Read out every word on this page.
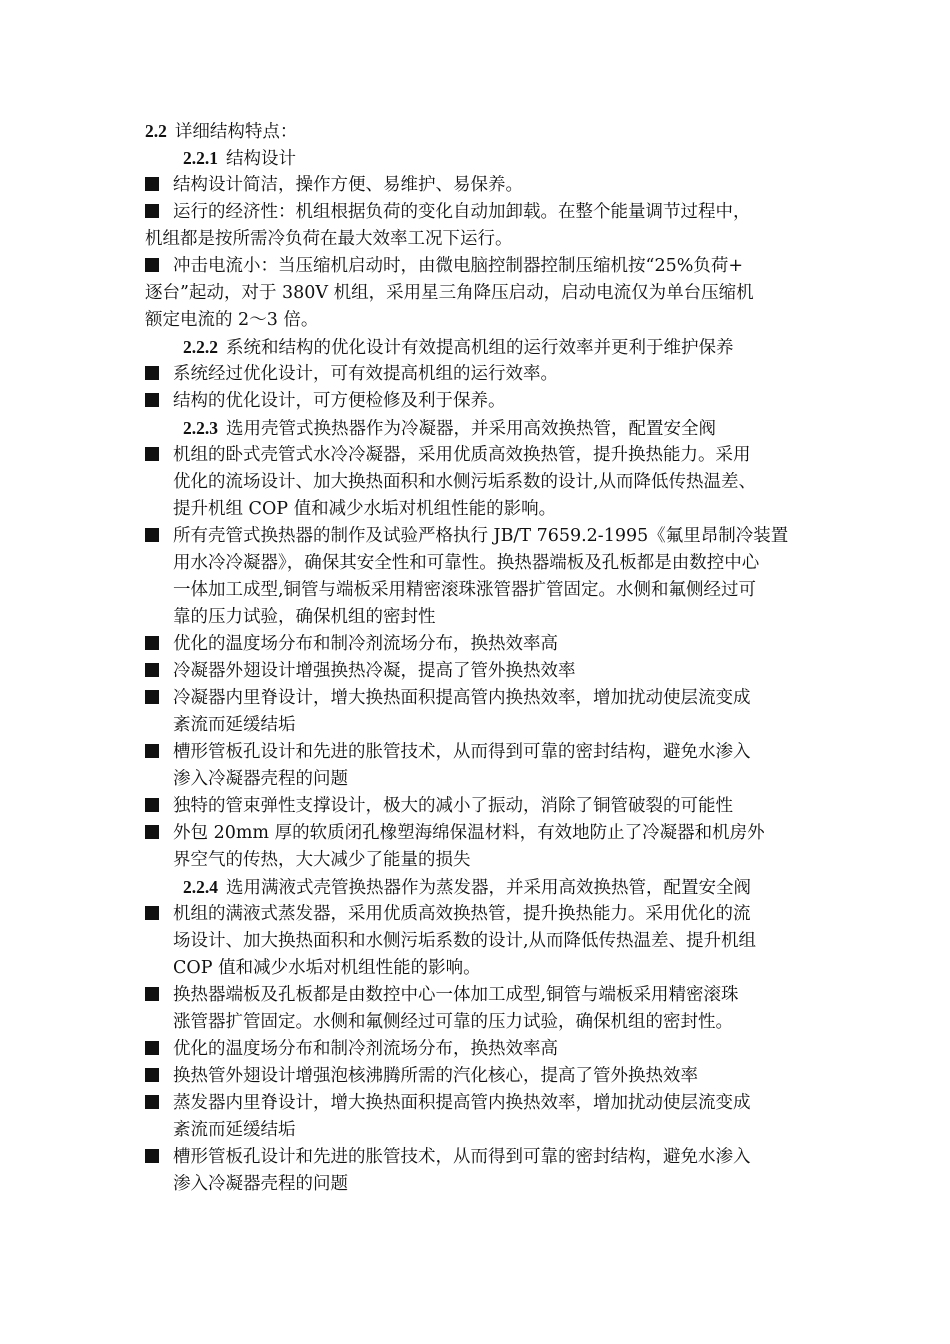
2.2 详细结构特点：
2.2.1 结构设计
结构设计简洁，操作方便、易维护、易保养。
运行的经济性：机组根据负荷的变化自动加卸载。在整个能量调节过程中，
机组都是按所需冷负荷在最大效率工况下运行。
冲击电流小：当压缩机启动时，由微电脑控制器控制压缩机按“25%负荷+
逐台”起动，对于 380V 机组，采用星三角降压启动，启动电流仅为单台压缩机
额定电流的 2～3 倍。
2.2.2 系统和结构的优化设计有效提高机组的运行效率并更利于维护保养
系统经过优化设计，可有效提高机组的运行效率。
结构的优化设计，可方便检修及利于保养。
2.2.3 选用壳管式换热器作为冷凝器，并采用高效换热管，配置安全阀
机组的卧式壳管式水冷冷凝器，采用优质高效换热管，提升换热能力。采用
优化的流场设计、加大换热面积和水侧污垢系数的设计,从而降低传热温差、
提升机组 COP 值和减少水垢对机组性能的影响。
所有壳管式换热器的制作及试验严格执行 JB/T 7659.2-1995《氟里昂制冷装置
用水冷冷凝器》，确保其安全性和可靠性。换热器端板及孔板都是由数控中心
一体加工成型,铜管与端板采用精密滚珠涨管器扩管固定。水侧和氟侧经过可
靠的压力试验，确保机组的密封性
优化的温度场分布和制冷剂流场分布，换热效率高
冷凝器外翅设计增强换热冷凝，提高了管外换热效率
冷凝器内里脊设计，增大换热面积提高管内换热效率，增加扰动使层流变成
紊流而延缓结垢
槽形管板孔设计和先进的胀管技术，从而得到可靠的密封结构，避免水渗入
渗入冷凝器壳程的问题
独特的管束弹性支撑设计，极大的减小了振动，消除了铜管破裂的可能性
外包 20mm 厚的软质闭孔橡塑海绵保温材料，有效地防止了冷凝器和机房外
界空气的传热，大大减少了能量的损失
2.2.4 选用满液式壳管换热器作为蒸发器，并采用高效换热管，配置安全阀
机组的满液式蒸发器，采用优质高效换热管，提升换热能力。采用优化的流
场设计、加大换热面积和水侧污垢系数的设计,从而降低传热温差、提升机组
COP 值和减少水垢对机组性能的影响。
换热器端板及孔板都是由数控中心一体加工成型,铜管与端板采用精密滚珠
涨管器扩管固定。水侧和氟侧经过可靠的压力试验，确保机组的密封性。
优化的温度场分布和制冷剂流场分布，换热效率高
换热管外翅设计增强泡核沸腾所需的汽化核心，提高了管外换热效率
蒸发器内里脊设计，增大换热面积提高管内换热效率，增加扰动使层流变成
紊流而延缓结垢
槽形管板孔设计和先进的胀管技术，从而得到可靠的密封结构，避免水渗入
渗入冷凝器壳程的问题
